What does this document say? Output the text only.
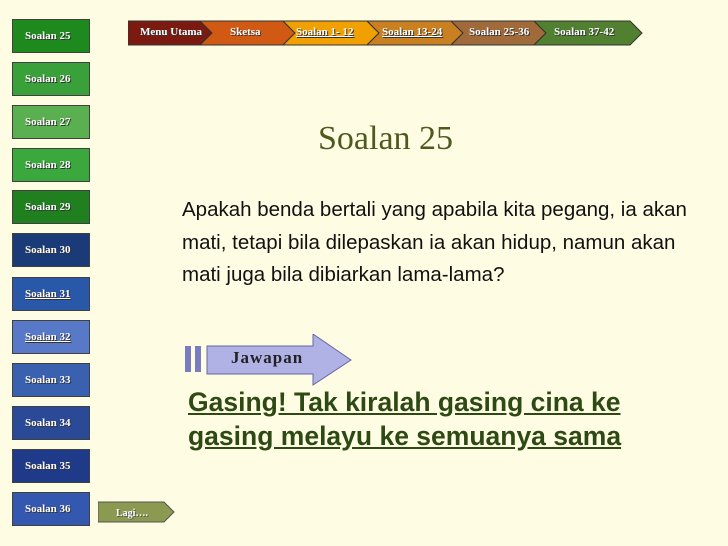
Menu Utama	Sketsa	Soalan 1- 12	Soalan 13-24 Soalan 25-36 Soalan 37-42
Soalan 25
Soalan 26
Soalan 27
Soalan 28
Soalan 29
Soalan 30
Soalan 31
Soalan 32
Soalan 33
Soalan 34
Soalan 35
Soalan 36
Soalan 25
Apakah benda bertali yang apabila kita pegang, ia akan mati, tetapi bila dilepaskan ia akan hidup, namun akan mati juga bila dibiarkan lama-lama?
Jawapan
Gasing! Tak kiralah gasing cina ke gasing melayu ke semuanya sama
Lagi….
